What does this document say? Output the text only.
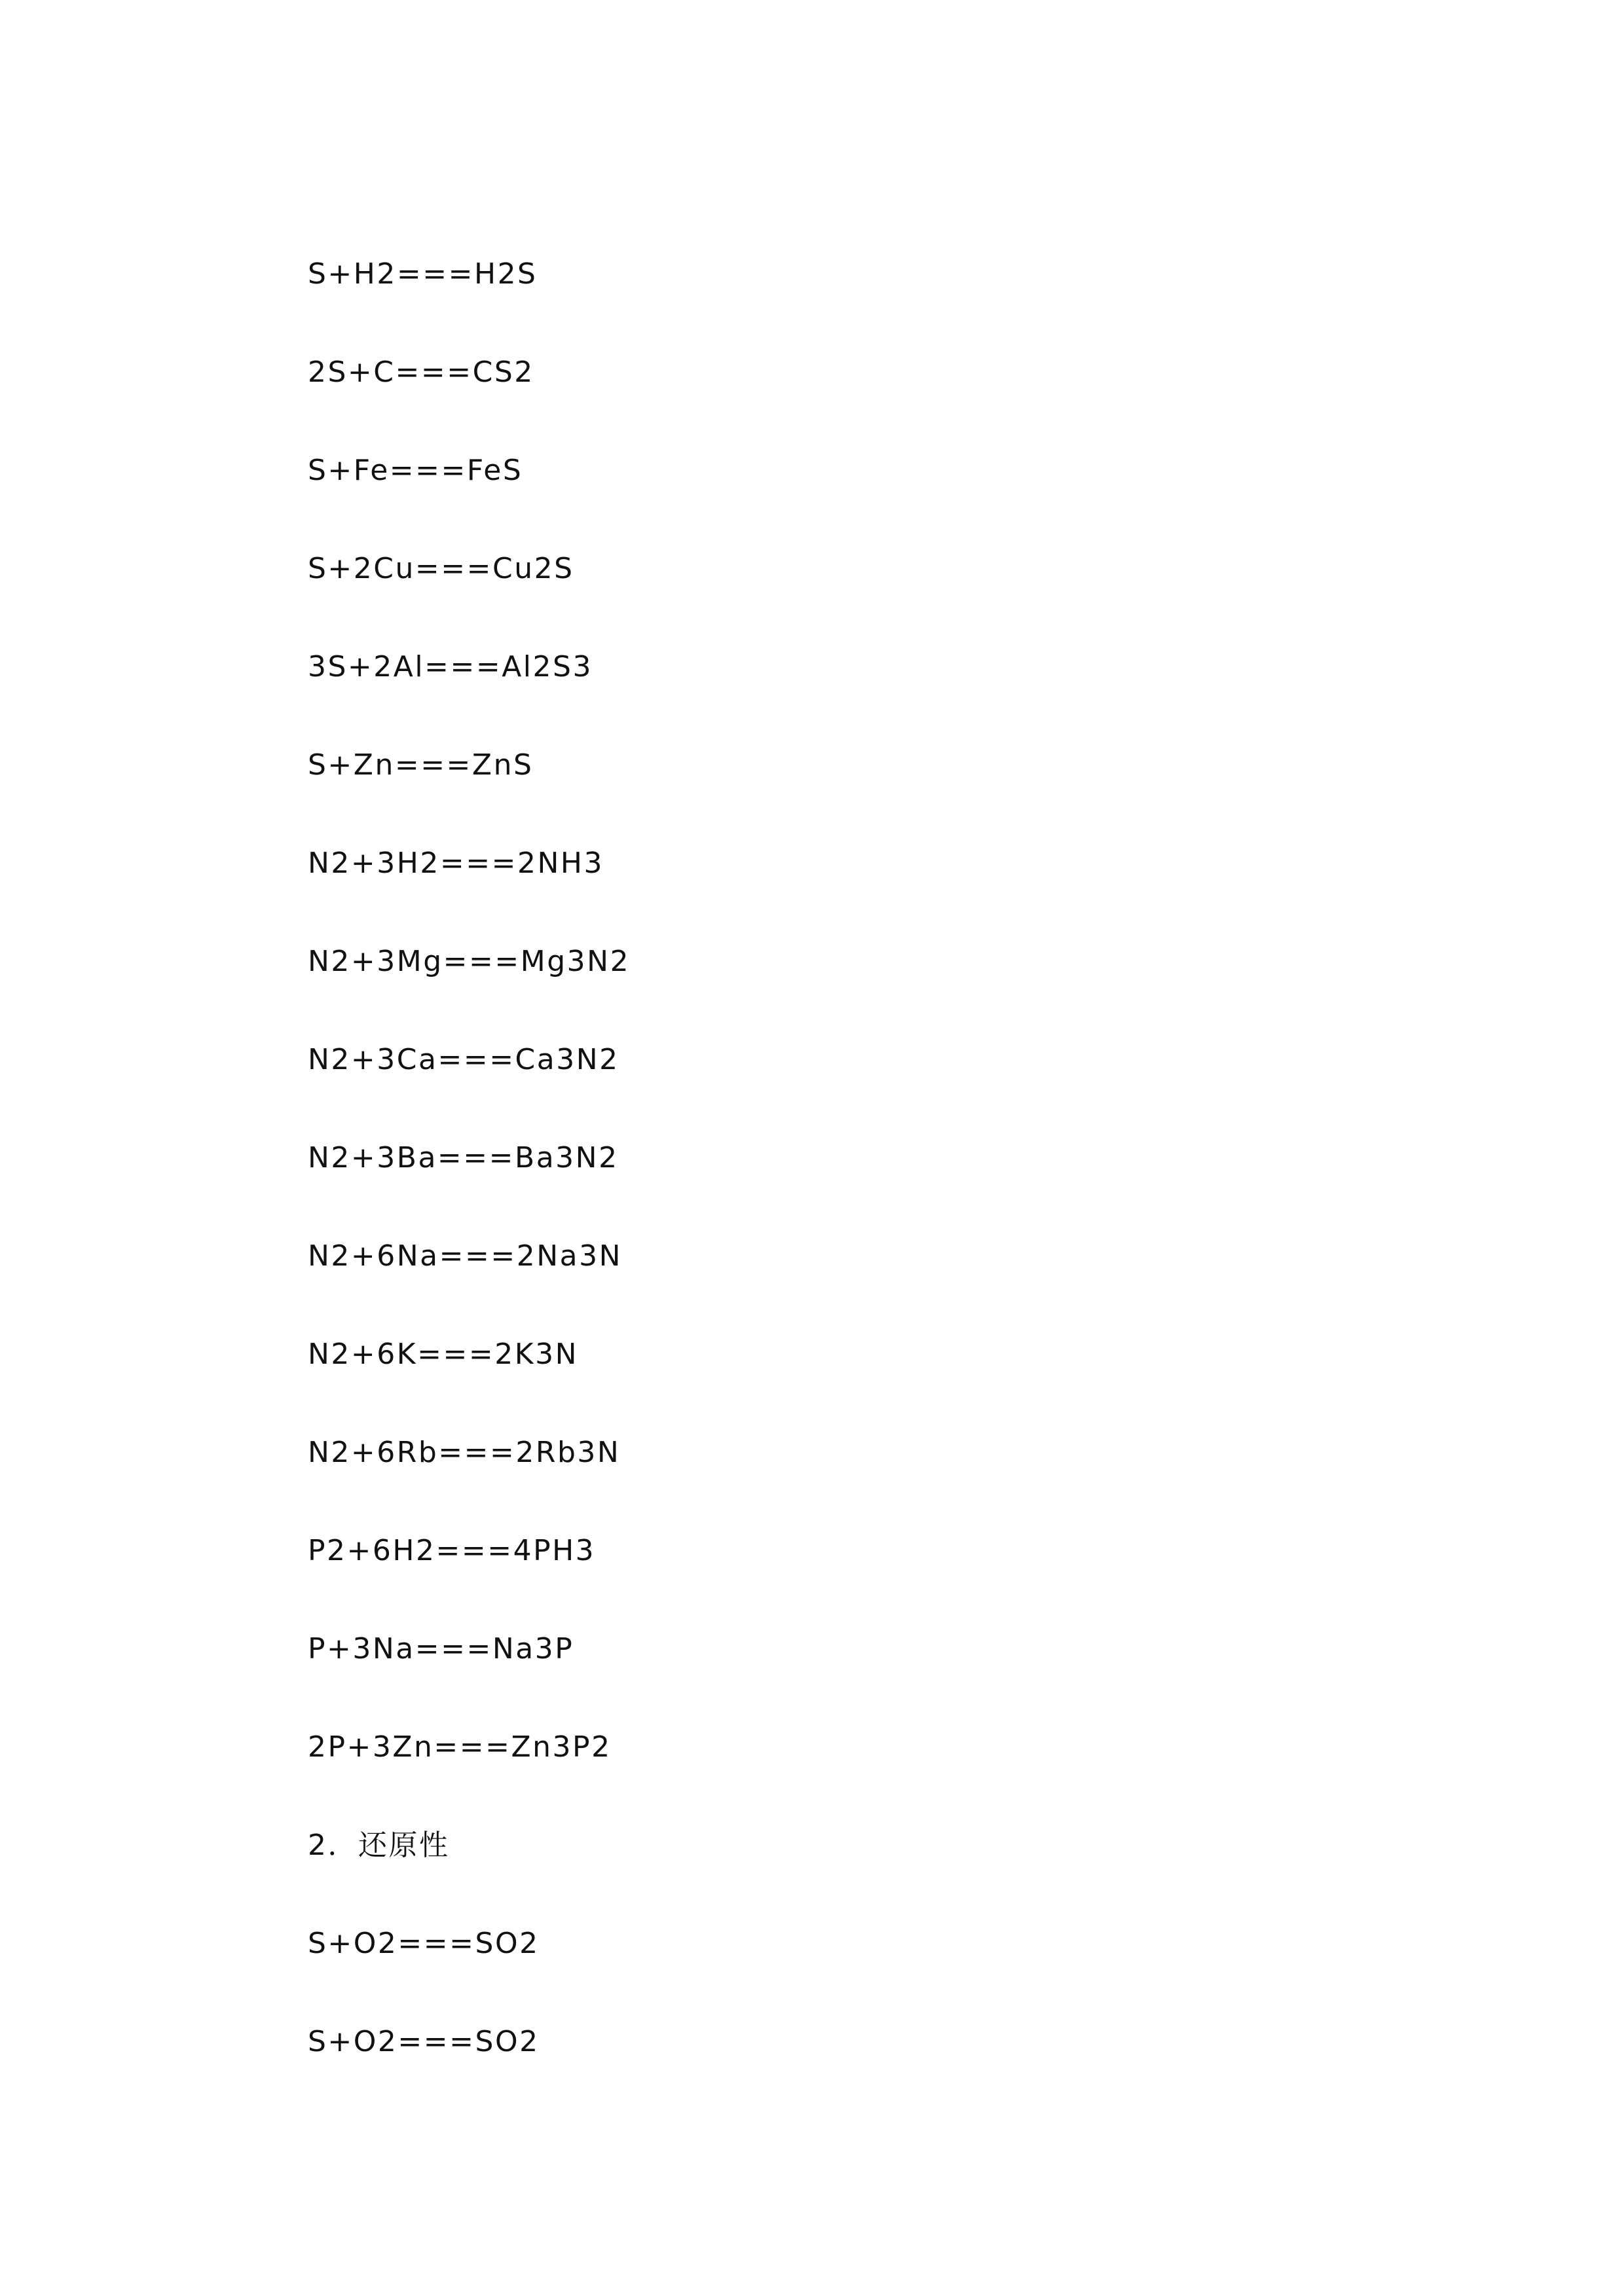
S+H2===H2S
2S+C===CS2
S+Fe===FeS
S+2Cu===Cu2S
3S+2Al===Al2S3
S+Zn===ZnS
N2+3H2===2NH3
N2+3Mg===Mg3N2
N2+3Ca===Ca3N2
N2+3Ba===Ba3N2
N2+6Na===2Na3N
N2+6K===2K3N
N2+6Rb===2Rb3N
P2+6H2===4PH3
P+3Na===Na3P
2P+3Zn===Zn3P2
2．还原性
S+O2===SO2
S+O2===SO2
